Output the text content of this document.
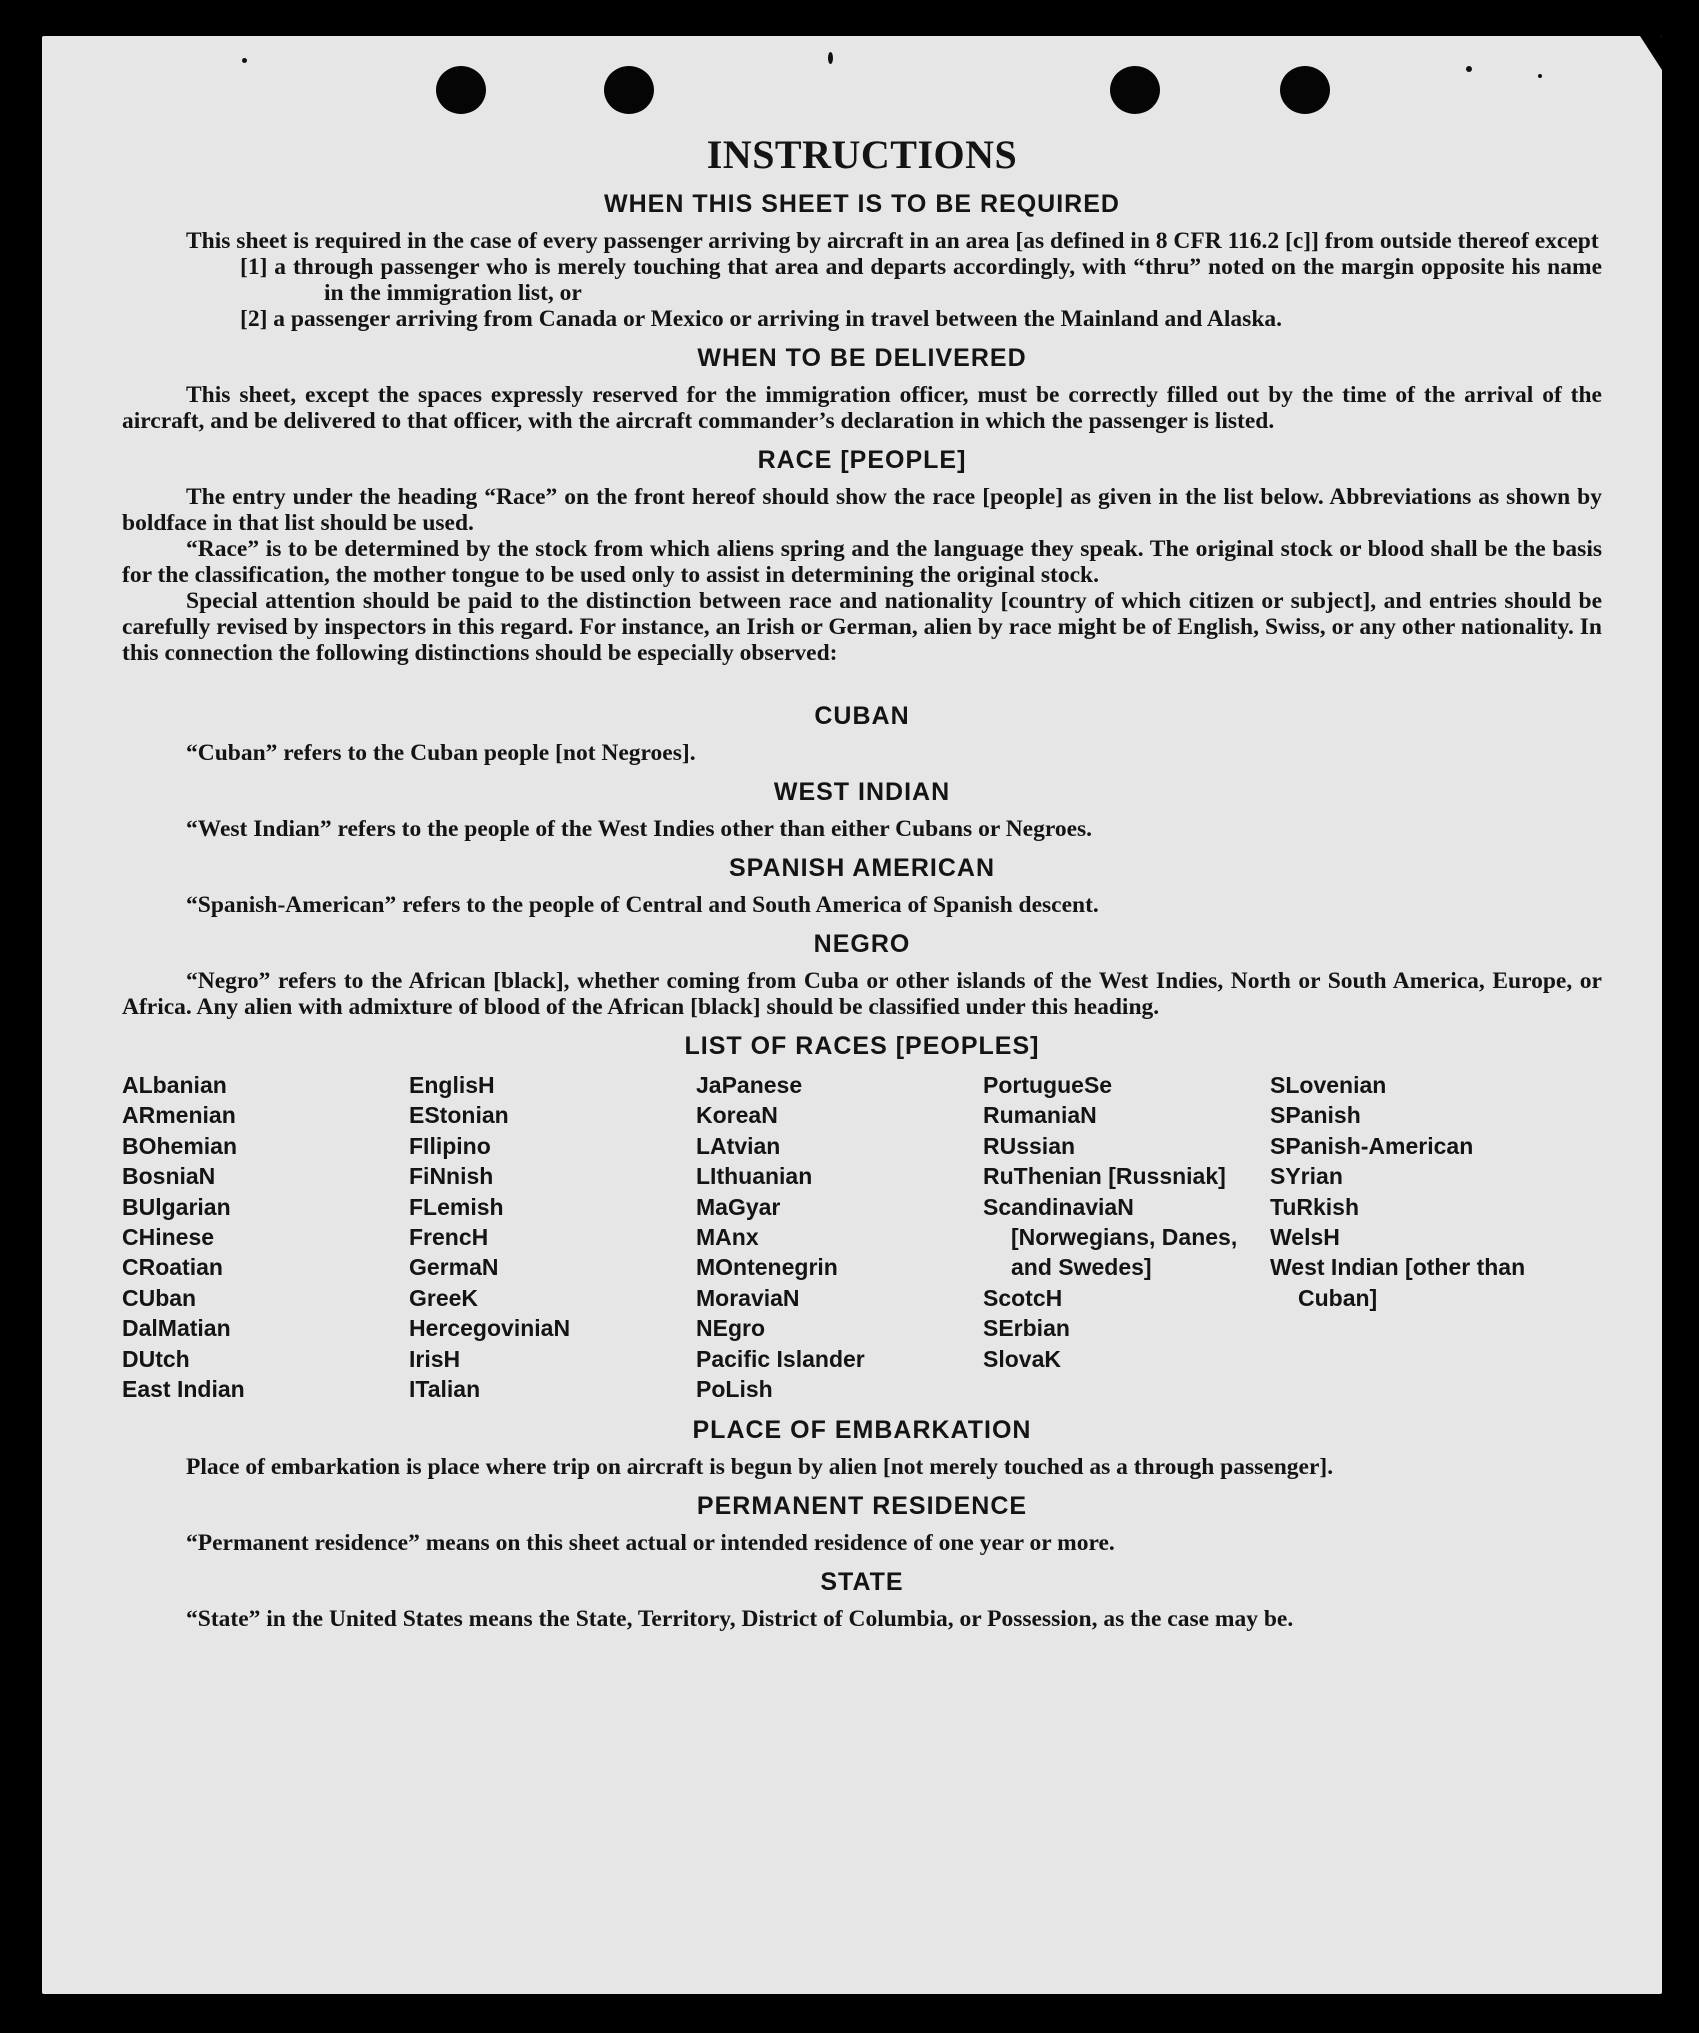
INSTRUCTIONS
WHEN THIS SHEET IS TO BE REQUIRED

This sheet is required in the case of every passenger arriving by aircraft in an area [as defined in 8 CFR 116.2 [c]] from outside thereof except

[1] a through passenger who is merely touching that area and departs accordingly, with “thru” noted on the margin opposite his name in the immigration list, or
[2] a passenger arriving from Canada or Mexico or arriving in travel between the Mainland and Alaska.
WHEN TO BE DELIVERED

This sheet, except the spaces expressly reserved for the immigration officer, must be correctly filled out by the time of the arrival of the aircraft, and be delivered to that officer, with the aircraft commander’s declaration in which the passenger is listed.

RACE [PEOPLE]

The entry under the heading “Race” on the front hereof should show the race [people] as given in the list below. Abbreviations as shown by boldface in that list should be used.

“Race” is to be determined by the stock from which aliens spring and the language they speak. The original stock or blood shall be the basis for the classification, the mother tongue to be used only to assist in determining the original stock.

Special attention should be paid to the distinction between race and nationality [country of which citizen or subject], and entries should be carefully revised by inspectors in this regard. For instance, an Irish or German, alien by race might be of English, Swiss, or any other nationality. In this connection the following distinctions should be especially observed:

CUBAN

“Cuban” refers to the Cuban people [not Negroes].

WEST INDIAN

“West Indian” refers to the people of the West Indies other than either Cubans or Negroes.

SPANISH AMERICAN

“Spanish-American” refers to the people of Central and South America of Spanish descent.

NEGRO

“Negro” refers to the African [black], whether coming from Cuba or other islands of the West Indies, North or South America, Europe, or Africa. Any alien with admixture of blood of the African [black] should be classified under this heading.

LIST OF RACES [PEOPLES]
ALbanian
ARmenian
BOhemian
BosniaN
BUlgarian
CHinese
CRoatian
CUban
DalMatian
DUtch
East Indian
EnglisH
EStonian
FIlipino
FiNnish
FLemish
FrencH
GermaN
GreeK
HercegoviniaN
IrisH
ITalian
JaPanese
KoreaN
LAtvian
LIthuanian
MaGyar
MAnx
MOntenegrin
MoraviaN
NEgro
Pacific Islander
PoLish
PortugueSe
RumaniaN
RUssian
RuThenian [Russniak]
ScandinaviaN [Norwegians, Danes, and Swedes]
ScotcH
SErbian
SlovaK
SLovenian
SPanish
SPanish-American
SYrian
TuRkish
WelsH
West Indian [other than Cuban]
PLACE OF EMBARKATION

Place of embarkation is place where trip on aircraft is begun by alien [not merely touched as a through passenger].

PERMANENT RESIDENCE

“Permanent residence” means on this sheet actual or intended residence of one year or more.

STATE

“State” in the United States means the State, Territory, District of Columbia, or Possession, as the case may be.
